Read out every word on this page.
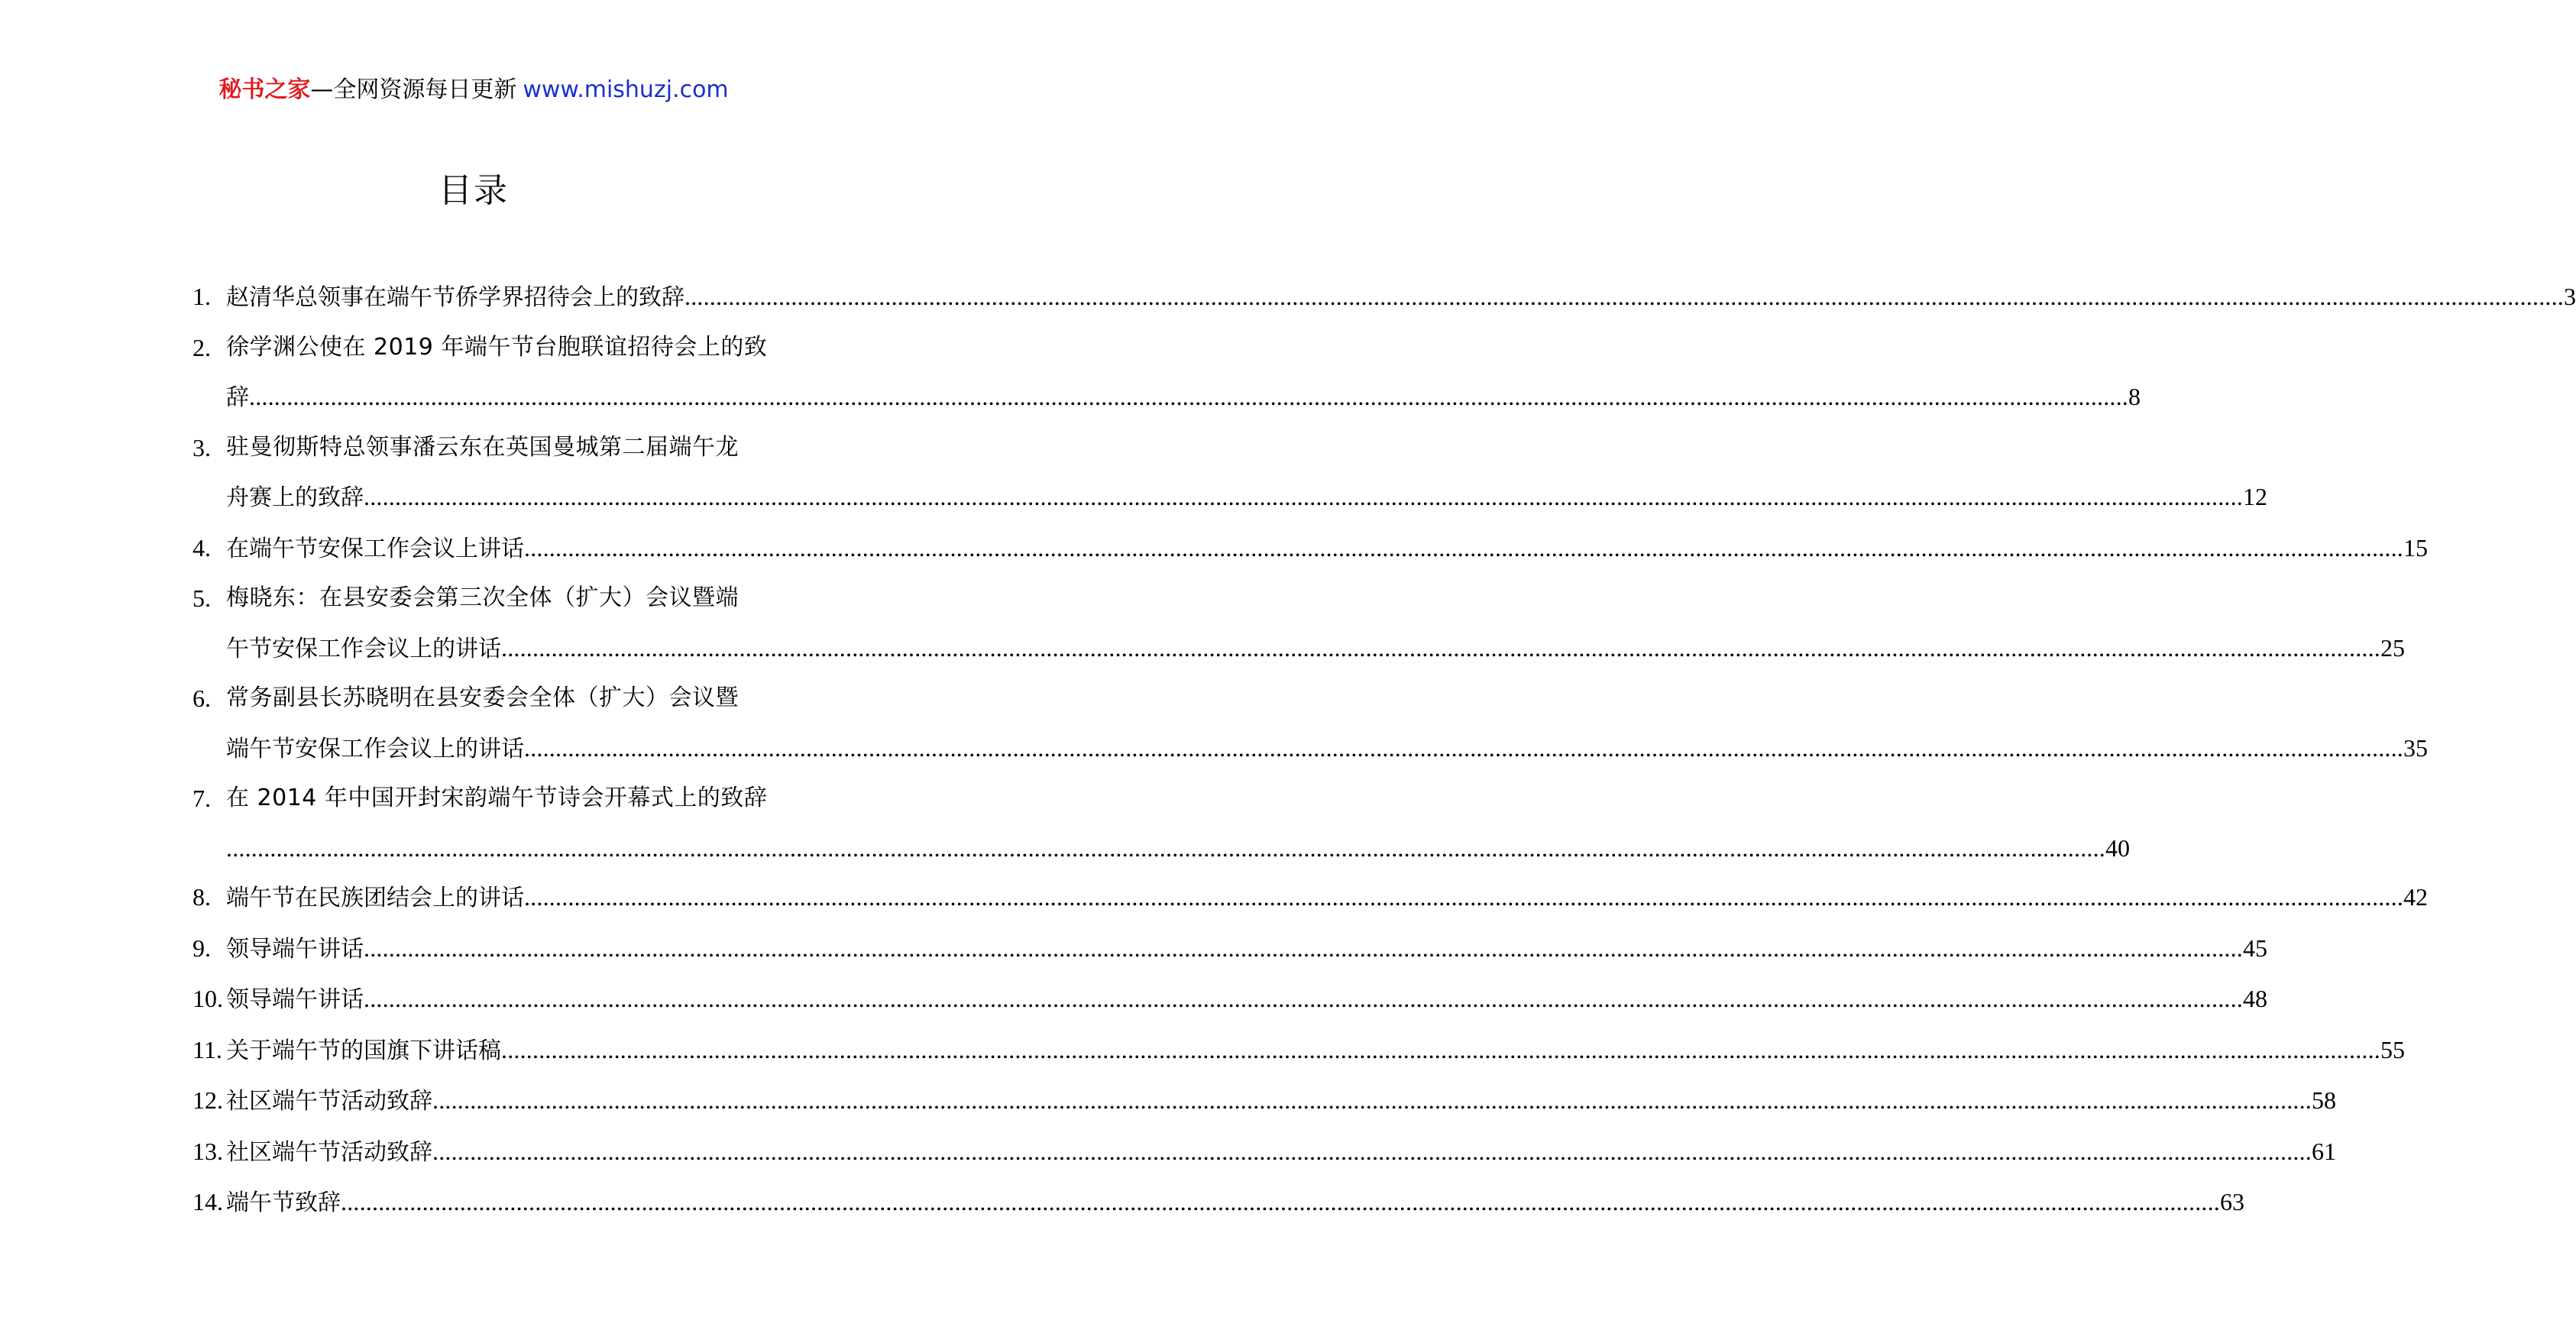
秘书之家—全网资源每日更新 www.mishuzj.com
目录
1. 赵清华总领事在端午节侨学界招待会上的致辞 ............................................................................................................................................................................................................................................................................................................ 3
2. 徐学渊公使在 2019 年端午节台胞联谊招待会上的致
辞 ............................................................................................................................................................................................................................................................................................................ 8
3. 驻曼彻斯特总领事潘云东在英国曼城第二届端午龙
舟赛上的致辞 ............................................................................................................................................................................................................................................................................................................ 12
4. 在端午节安保工作会议上讲话 ............................................................................................................................................................................................................................................................................................................ 15
5. 梅晓东：在县安委会第三次全体（扩大）会议暨端
午节安保工作会议上的讲话 ............................................................................................................................................................................................................................................................................................................ 25
6. 常务副县长苏晓明在县安委会全体（扩大）会议暨
端午节安保工作会议上的讲话 ............................................................................................................................................................................................................................................................................................................ 35
7. 在 2014 年中国开封宋韵端午节诗会开幕式上的致辞
............................................................................................................................................................................................................................................................................................................ 40
8. 端午节在民族团结会上的讲话 ............................................................................................................................................................................................................................................................................................................ 42
9. 领导端午讲话 ............................................................................................................................................................................................................................................................................................................ 45
10. 领导端午讲话 ............................................................................................................................................................................................................................................................................................................ 48
11. 关于端午节的国旗下讲话稿 ............................................................................................................................................................................................................................................................................................................ 55
12. 社区端午节活动致辞 ............................................................................................................................................................................................................................................................................................................ 58
13. 社区端午节活动致辞 ............................................................................................................................................................................................................................................................................................................ 61
14. 端午节致辞 ............................................................................................................................................................................................................................................................................................................ 63
